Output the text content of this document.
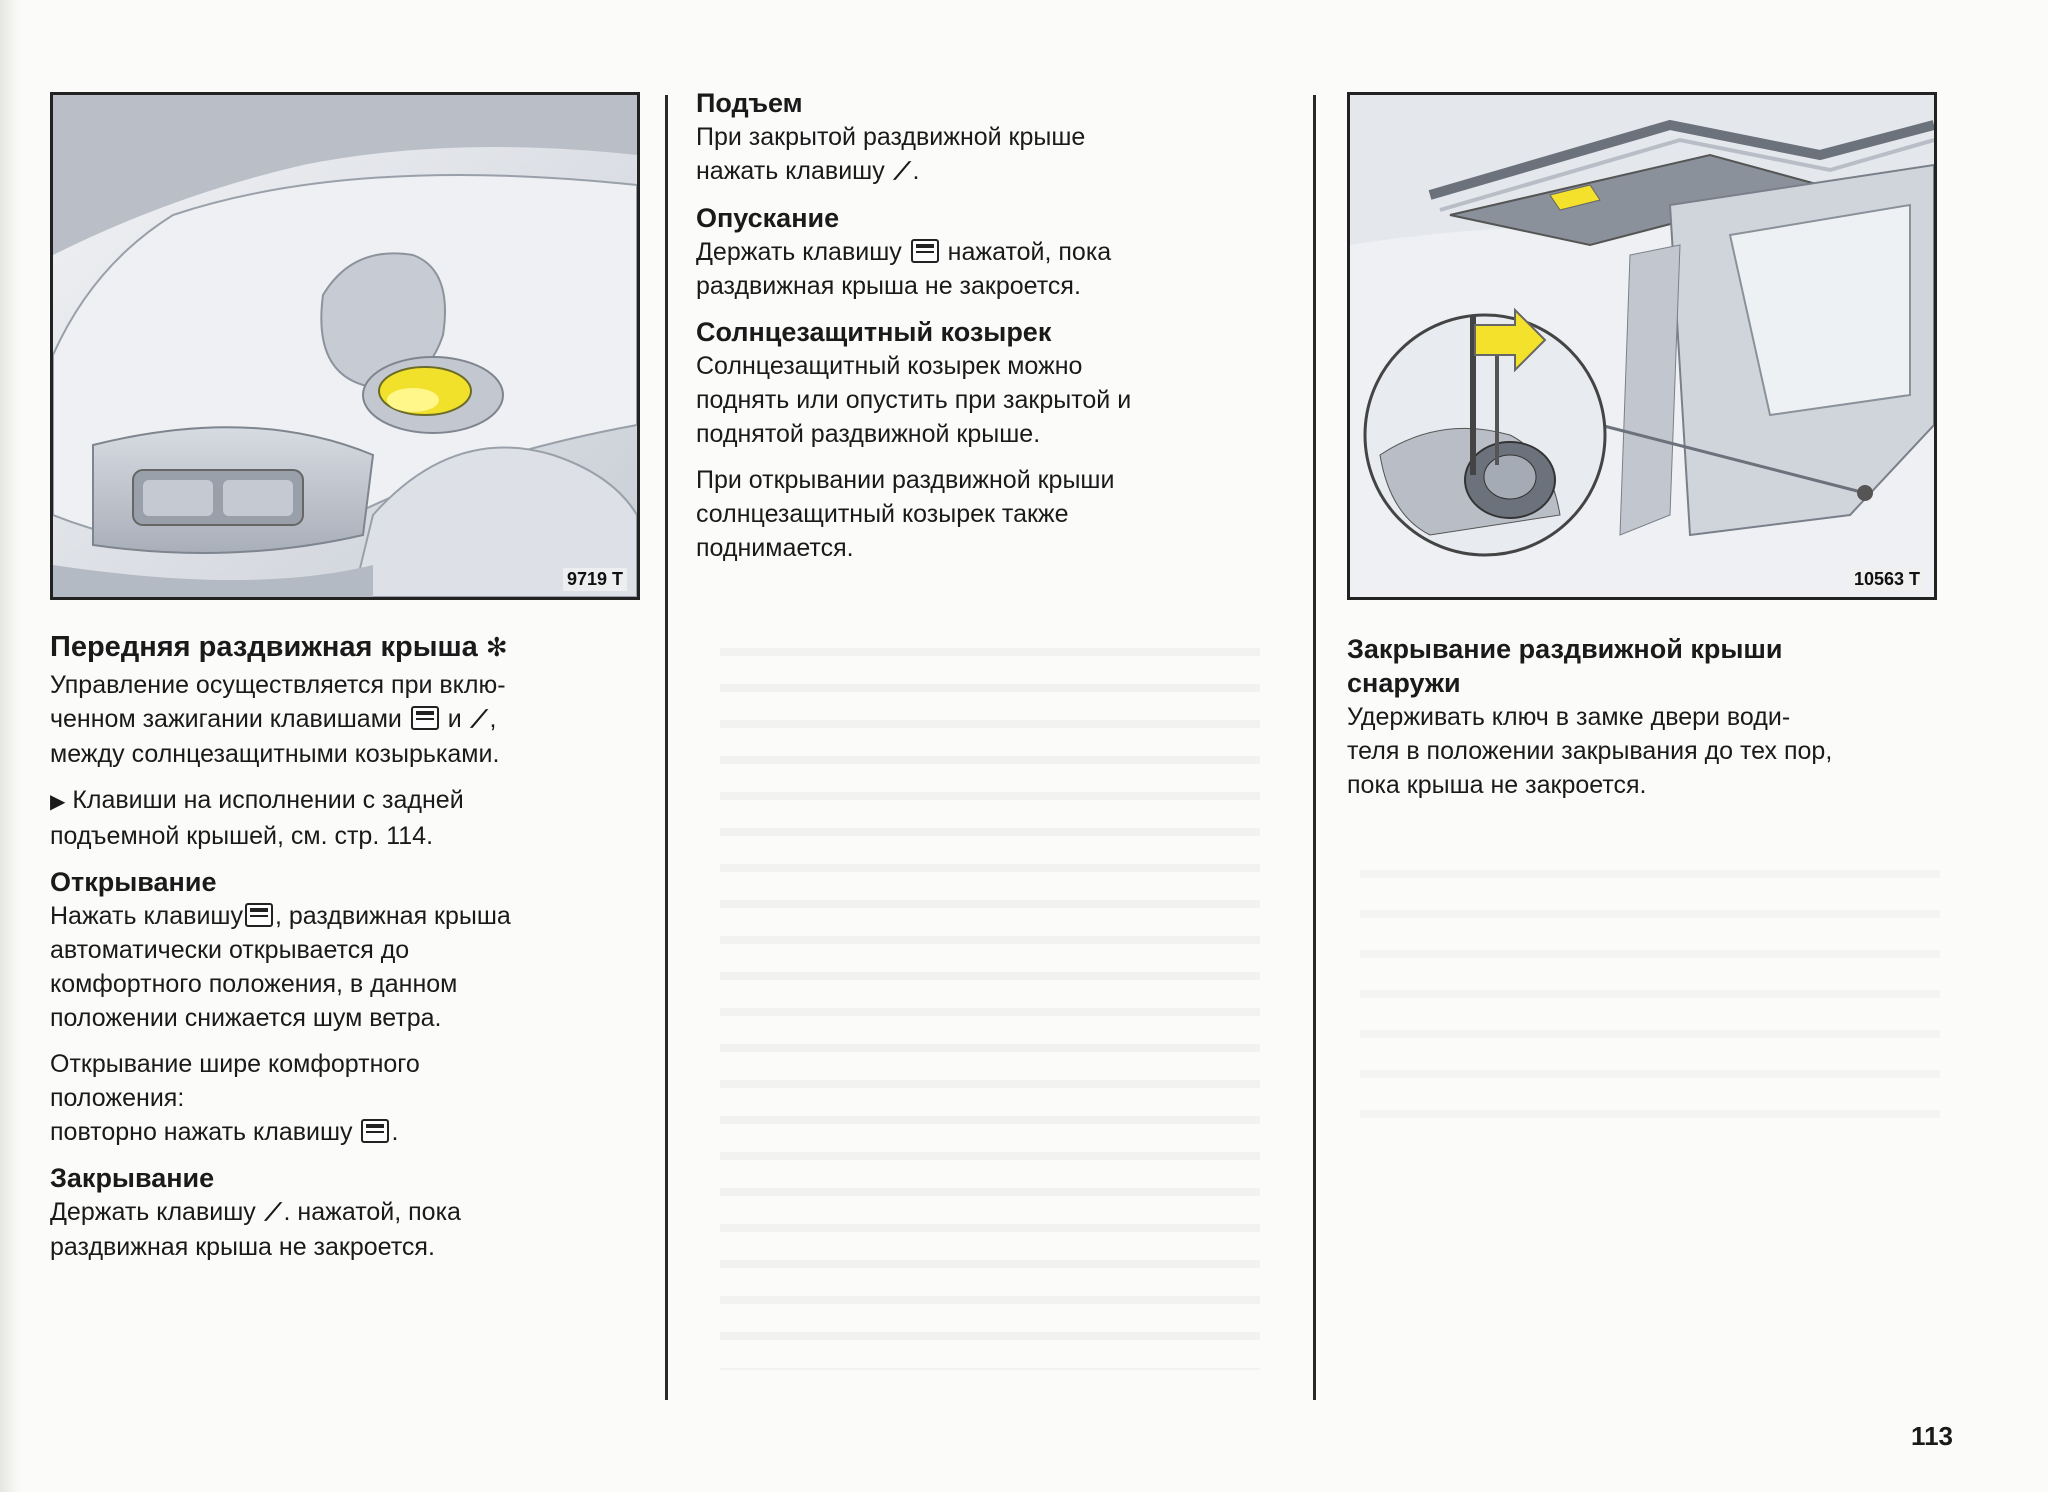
9719 T	10563 T

Передняя раздвижная крыша ✻

Управление осуществляется при вклю-

ченном зажигании клавишами и ⟋,

между солнцезащитными козырьками.

▶ Клавиши на исполнении с задней

подъемной крышей, см. стр. 114.

Открывание

Нажать клавишу , раздвижная крыша

автоматически открывается до

комфортного положения, в данном

положении снижается шум ветра.

Открывание шире комфортного

положения:

повторно нажать клавишу .

Закрывание

Держать клавишу ⟋. нажатой, пока

раздвижная крыша не закроется.

Подъем

При закрытой раздвижной крыше

нажать клавишу ⟋.

Опускание

Держать клавишу нажатой, пока

раздвижная крыша не закроется.

Солнцезащитный козырек

Солнцезащитный козырек можно

поднять или опустить при закрытой и

поднятой раздвижной крыше.

При открывании раздвижной крыши

солнцезащитный козырек также

поднимается.

Закрывание раздвижной крыши

снаружи

Удерживать ключ в замке двери води-

теля в положении закрывания до тех пор,

пока крыша не закроется.

113
